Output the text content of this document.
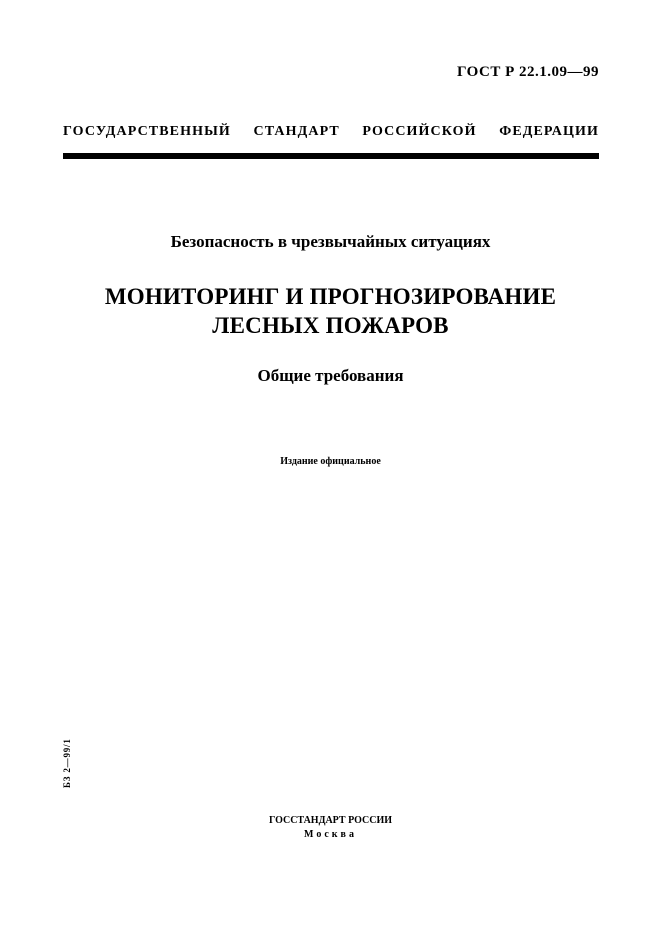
ГОСТ Р 22.1.09—99
ГОСУДАРСТВЕННЫЙ СТАНДАРТ РОССИЙСКОЙ ФЕДЕРАЦИИ
Безопасность в чрезвычайных ситуациях
МОНИТОРИНГ И ПРОГНОЗИРОВАНИЕ
ЛЕСНЫХ ПОЖАРОВ
Общие требования
Издание официальное
БЗ 2—99/1
ГОССТАНДАРТ РОССИИ
Москва
